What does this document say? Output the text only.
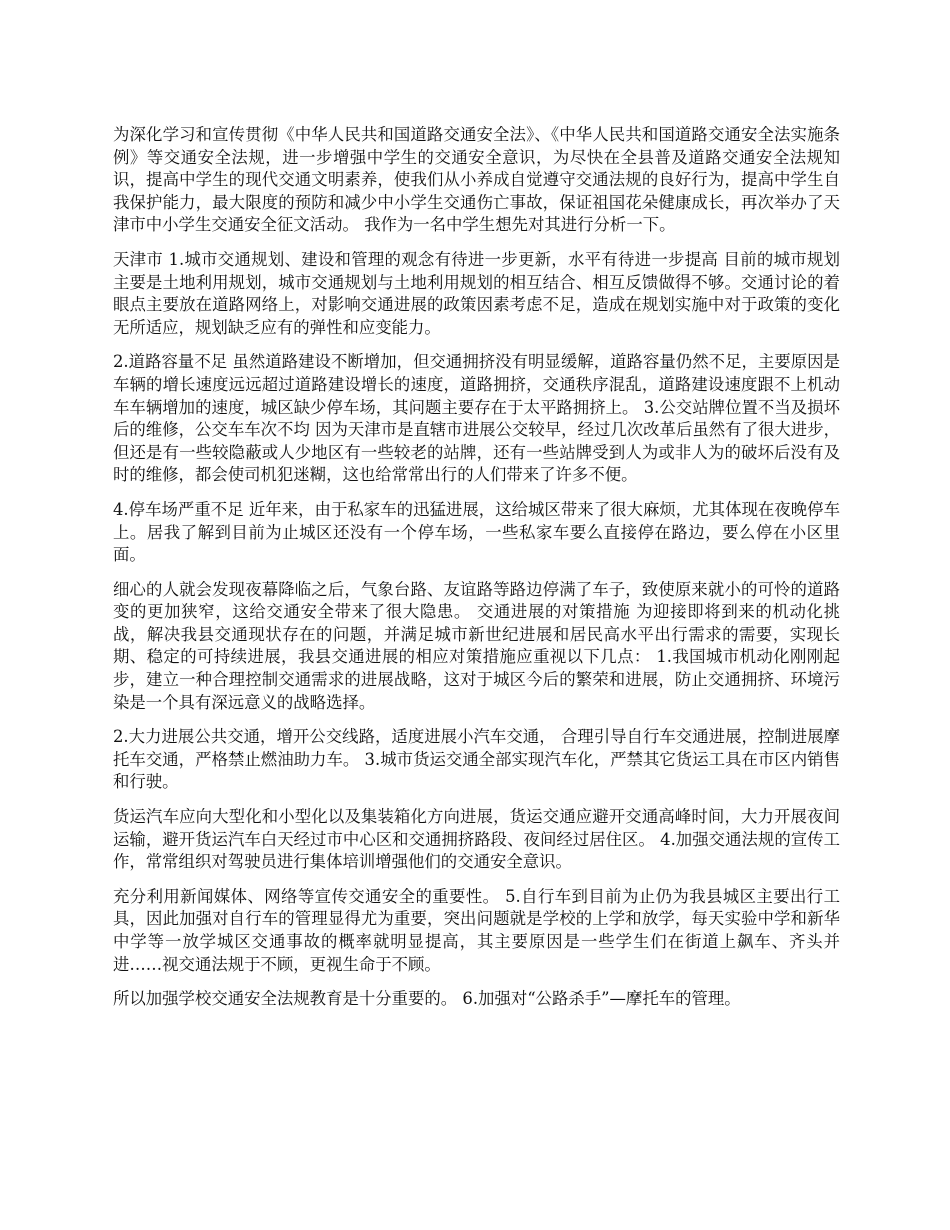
为深化学习和宣传贯彻《中华人民共和国道路交通安全法》、《中华人民共和国道路交通安全法实施条例》等交通安全法规，进一步增强中学生的交通安全意识，为尽快在全县普及道路交通安全法规知识，提高中学生的现代交通文明素养，使我们从小养成自觉遵守交通法规的良好行为，提高中学生自我保护能力，最大限度的预防和减少中小学生交通伤亡事故，保证祖国花朵健康成长，再次举办了天津市中小学生交通安全征文活动。 我作为一名中学生想先对其进行分析一下。

天津市 1.城市交通规划、建设和管理的观念有待进一步更新，水平有待进一步提高 目前的城市规划主要是土地利用规划，城市交通规划与土地利用规划的相互结合、相互反馈做得不够。交通讨论的着眼点主要放在道路网络上，对影响交通进展的政策因素考虑不足，造成在规划实施中对于政策的变化无所适应，规划缺乏应有的弹性和应变能力。

2.道路容量不足 虽然道路建设不断增加，但交通拥挤没有明显缓解，道路容量仍然不足，主要原因是车辆的增长速度远远超过道路建设增长的速度，道路拥挤，交通秩序混乱，道路建设速度跟不上机动车车辆增加的速度，城区缺少停车场，其问题主要存在于太平路拥挤上。 3.公交站牌位置不当及损坏后的维修，公交车车次不均 因为天津市是直辖市进展公交较早，经过几次改革后虽然有了很大进步，但还是有一些较隐蔽或人少地区有一些较老的站牌，还有一些站牌受到人为或非人为的破坏后没有及时的维修，都会使司机犯迷糊，这也给常常出行的人们带来了许多不便。

4.停车场严重不足 近年来，由于私家车的迅猛进展，这给城区带来了很大麻烦，尤其体现在夜晚停车上。居我了解到目前为止城区还没有一个停车场，一些私家车要么直接停在路边，要么停在小区里面。

细心的人就会发现夜幕降临之后，气象台路、友谊路等路边停满了车子，致使原来就小的可怜的道路变的更加狭窄，这给交通安全带来了很大隐患。 交通进展的对策措施 为迎接即将到来的机动化挑战，解决我县交通现状存在的问题，并满足城市新世纪进展和居民高水平出行需求的需要，实现长期、稳定的可持续进展，我县交通进展的相应对策措施应重视以下几点： 1.我国城市机动化刚刚起步，建立一种合理控制交通需求的进展战略，这对于城区今后的繁荣和进展，防止交通拥挤、环境污染是一个具有深远意义的战略选择。

2.大力进展公共交通，增开公交线路，适度进展小汽车交通， 合理引导自行车交通进展，控制进展摩托车交通，严格禁止燃油助力车。 3.城市货运交通全部实现汽车化，严禁其它货运工具在市区内销售和行驶。

货运汽车应向大型化和小型化以及集装箱化方向进展，货运交通应避开交通高峰时间，大力开展夜间运输，避开货运汽车白天经过市中心区和交通拥挤路段、夜间经过居住区。 4.加强交通法规的宣传工作，常常组织对驾驶员进行集体培训增强他们的交通安全意识。

充分利用新闻媒体、网络等宣传交通安全的重要性。 5.自行车到目前为止仍为我县城区主要出行工具，因此加强对自行车的管理显得尤为重要，突出问题就是学校的上学和放学，每天实验中学和新华中学等一放学城区交通事故的概率就明显提高，其主要原因是一些学生们在街道上飙车、齐头并进……视交通法规于不顾，更视生命于不顾。

所以加强学校交通安全法规教育是十分重要的。 6.加强对“公路杀手”—摩托车的管理。
